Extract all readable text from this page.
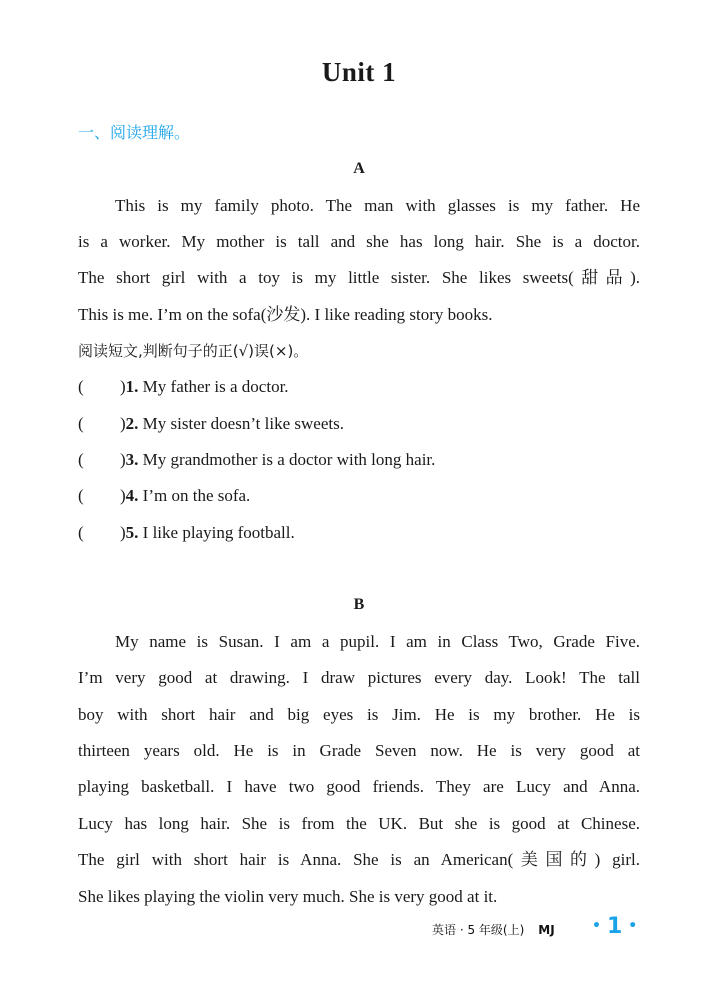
Unit 1
一、阅读理解。
A
This is my family photo. The man with glasses is my father. He
is a worker. My mother is tall and she has long hair. She is a doctor.
The short girl with a toy is my little sister. She likes sweets(甜品).
This is me. I’m on the sofa(沙发). I like reading story books.
阅读短文,判断句子的正(√)误(×)。
( )1. My father is a doctor.
( )2. My sister doesn’t like sweets.
( )3. My grandmother is a doctor with long hair.
( )4. I’m on the sofa.
( )5. I like playing football.
B
My name is Susan. I am a pupil. I am in Class Two, Grade Five.
I’m very good at drawing. I draw pictures every day. Look! The tall
boy with short hair and big eyes is Jim. He is my brother. He is
thirteen years old. He is in Grade Seven now. He is very good at
playing basketball. I have two good friends. They are Lucy and Anna.
Lucy has long hair. She is from the UK. But she is good at Chinese.
The girl with short hair is Anna. She is an American(美国的) girl.
She likes playing the violin very much. She is very good at it.
英语 · 5 年级(上) MJ	• 1 •
